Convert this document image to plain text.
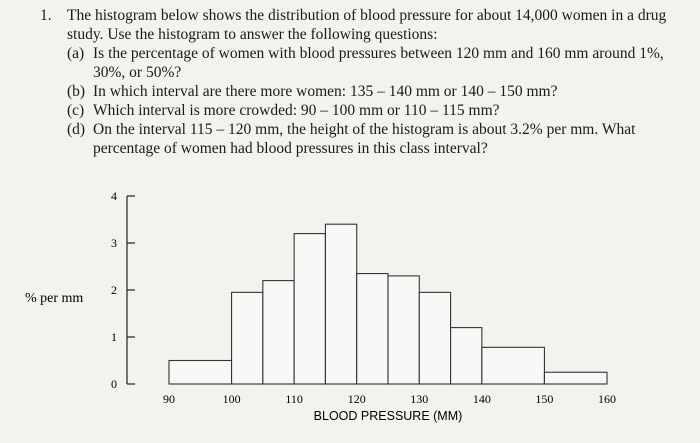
1. The histogram below shows the distribution of blood pressure for about 14,000 women in a drug study. Use the histogram to answer the following questions:
(a) Is the percentage of women with blood pressures between 120 mm and 160 mm around 1%, 30%, or 50%?
(b) In which interval are there more women: 135 – 140 mm or 140 – 150 mm?
(c) Which interval is more crowded: 90 – 100 mm or 110 – 115 mm?
(d) On the interval 115 – 120 mm, the height of the histogram is about 3.2% per mm. What percentage of women had blood pressures in this class interval?
0
1
2
3
4
% per mm
90	100	110	120	130	140	150	160
BLOOD PRESSURE (MM)
